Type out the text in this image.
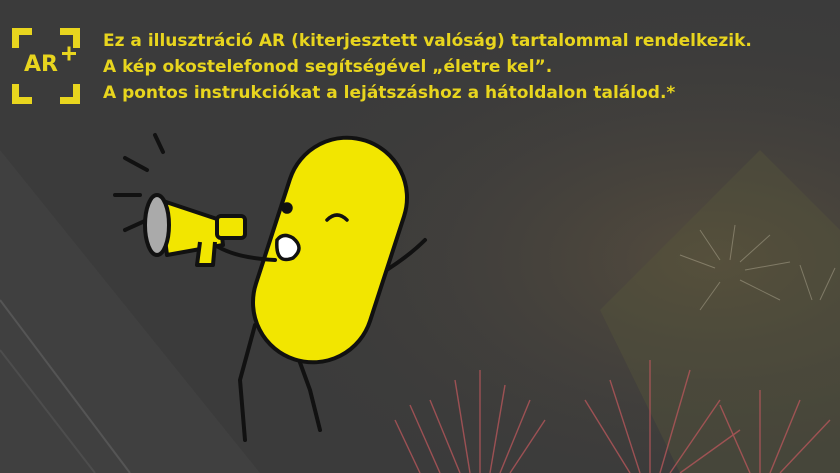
AR
Ez a illusztráció AR (kiterjesztett valóság) tartalommal rendelkezik.
A kép okostelefonod segítségével „életre kel”.
A pontos instrukciókat a lejátszáshoz a hátoldalon találod.*
